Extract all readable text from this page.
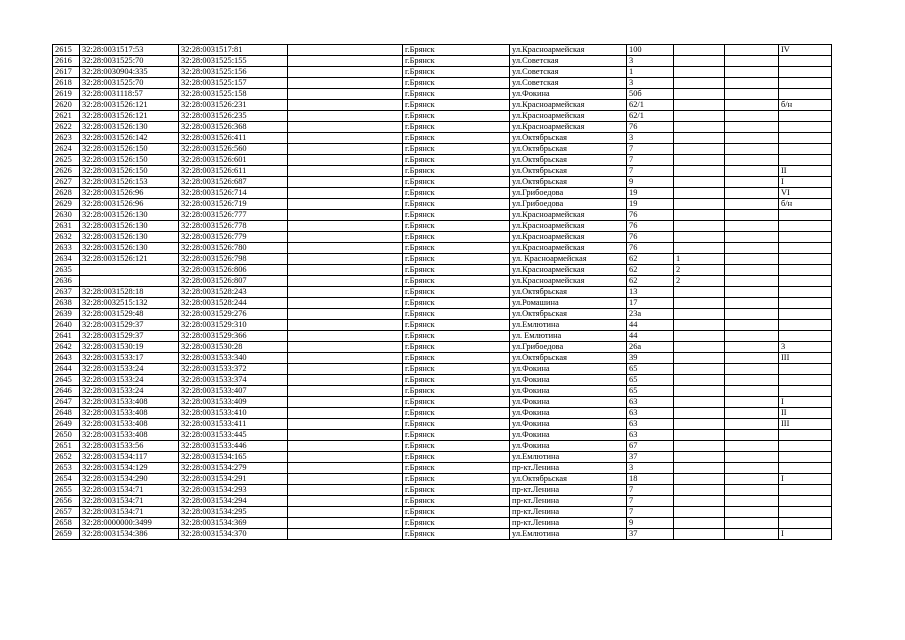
2615	32:28:0031517:53	32:28:0031517:81		г.Брянск	ул.Красноармейская	100			IV
2616	32:28:0031525:70	32:28:0031525:155		г.Брянск	ул.Советская	3			
2617	32:28:0030904:335	32:28:0031525:156		г.Брянск	ул.Советская	1			
2618	32:28:0031525:70	32:28:0031525:157		г.Брянск	ул.Советская	3			
2619	32:28:0031118:57	32:28:0031525:158		г.Брянск	ул.Фокина	50б			
2620	32:28:0031526:121	32:28:0031526:231		г.Брянск	ул.Красноармейская	62/1			б/н
2621	32:28:0031526:121	32:28:0031526:235		г.Брянск	ул.Красноармейская	62/1			
2622	32:28:0031526:130	32:28:0031526:368		г.Брянск	ул.Красноармейская	76			
2623	32:28:0031526:142	32:28:0031526:411		г.Брянск	ул.Октябрьская	3			
2624	32:28:0031526:150	32:28:0031526:560		г.Брянск	ул.Октябрьская	7			
2625	32:28:0031526:150	32:28:0031526:601		г.Брянск	ул.Октябрьская	7			
2626	32:28:0031526:150	32:28:0031526:611		г.Брянск	ул.Октябрьская	7			II
2627	32:28:0031526:153	32:28:0031526:687		г.Брянск	ул.Октябрьская	9			I
2628	32:28:0031526:96	32:28:0031526:714		г.Брянск	ул.Грибоедова	19			VI
2629	32:28:0031526:96	32:28:0031526:719		г.Брянск	ул.Грибоедова	19			б/н
2630	32:28:0031526:130	32:28:0031526:777		г.Брянск	ул.Красноармейская	76			
2631	32:28:0031526:130	32:28:0031526:778		г.Брянск	ул.Красноармейская	76			
2632	32:28:0031526:130	32:28:0031526:779		г.Брянск	ул.Красноармейская	76			
2633	32:28:0031526:130	32:28:0031526:780		г.Брянск	ул.Красноармейская	76			
2634	32:28:0031526:121	32:28:0031526:798		г.Брянск	ул. Красноармейская	62	1		
2635		32:28:0031526:806		г.Брянск	ул.Красноармейская	62	2		
2636		32:28:0031526:807		г.Брянск	ул.Красноармейская	62	2		
2637	32:28:0031528:18	32:28:0031528:243		г.Брянск	ул.Октябрьская	13			
2638	32:28:0032515:132	32:28:0031528:244		г.Брянск	ул.Ромашина	17			
2639	32:28:0031529:48	32:28:0031529:276		г.Брянск	ул.Октябрьская	23а			
2640	32:28:0031529:37	32:28:0031529:310		г.Брянск	ул.Емлютина	44			
2641	32:28:0031529:37	32:28:0031529:366		г.Брянск	ул. Емлютина	44			
2642	32:28:0031530:19	32:28:0031530:28		г.Брянск	ул.Грибоедова	26а			3
2643	32:28:0031533:17	32:28:0031533:340		г.Брянск	ул.Октябрьская	39			III
2644	32:28:0031533:24	32:28:0031533:372		г.Брянск	ул.Фокина	65			
2645	32:28:0031533:24	32:28:0031533:374		г.Брянск	ул.Фокина	65			
2646	32:28:0031533:24	32:28:0031533:407		г.Брянск	ул.Фокина	65			
2647	32:28:0031533:408	32:28:0031533:409		г.Брянск	ул.Фокина	63			I
2648	32:28:0031533:408	32:28:0031533:410		г.Брянск	ул.Фокина	63			II
2649	32:28:0031533:408	32:28:0031533:411		г.Брянск	ул.Фокина	63			III
2650	32:28:0031533:408	32:28:0031533:445		г.Брянск	ул.Фокина	63			
2651	32:28:0031533:56	32:28:0031533:446		г.Брянск	ул.Фокина	67			
2652	32:28:0031534:117	32:28:0031534:165		г.Брянск	ул.Емлютина	37			
2653	32:28:0031534:129	32:28:0031534:279		г.Брянск	пр-кт.Ленина	3			
2654	32:28:0031534:290	32:28:0031534:291		г.Брянск	ул.Октябрьская	18			I
2655	32:28:0031534:71	32:28:0031534:293		г.Брянск	пр-кт.Ленина	7			
2656	32:28:0031534:71	32:28:0031534:294		г.Брянск	пр-кт.Ленина	7			
2657	32:28:0031534:71	32:28:0031534:295		г.Брянск	пр-кт.Ленина	7			
2658	32:28:0000000:3499	32:28:0031534:369		г.Брянск	пр-кт.Ленина	9			
2659	32:28:0031534:386	32:28:0031534:370		г.Брянск	ул.Емлютина	37			I
